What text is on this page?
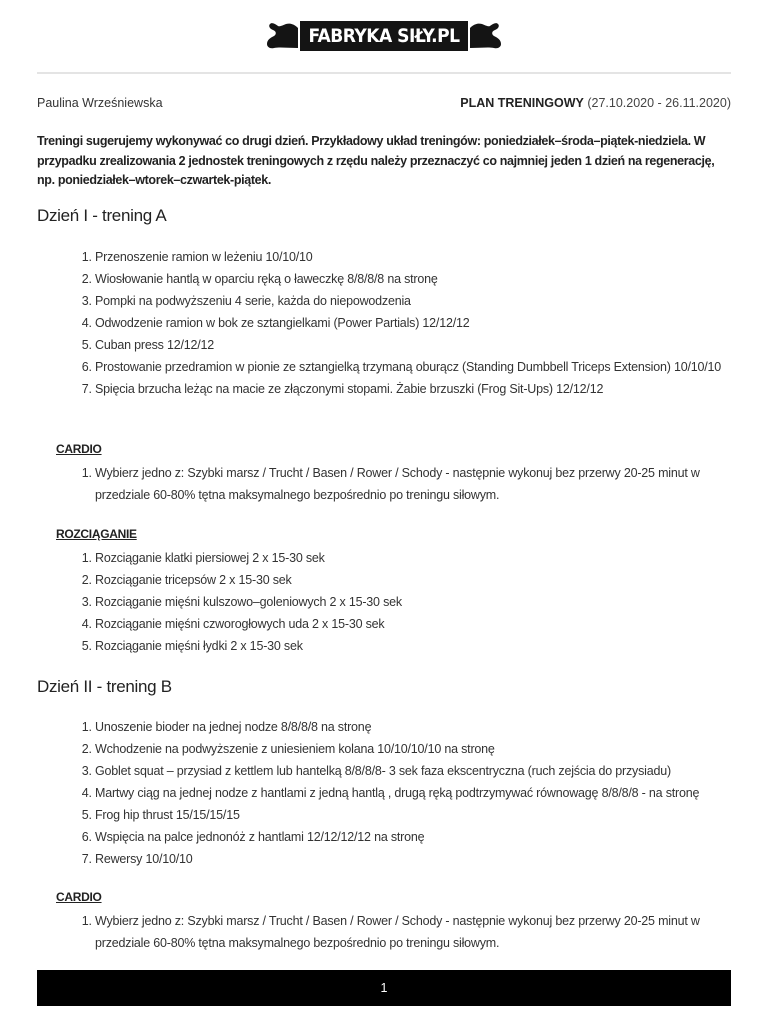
FABRYKA SIŁY.PL
Paulina Wrześniewska	PLAN TRENINGOWY (27.10.2020 - 26.11.2020)
Treningi sugerujemy wykonywać co drugi dzień. Przykładowy układ treningów: poniedziałek–środa–piątek-niedziela. W przypadku zrealizowania 2 jednostek treningowych z rzędu należy przeznaczyć co najmniej jeden 1 dzień na regenerację, np. poniedziałek–wtorek–czwartek-piątek.
Dzień I - trening A
1. Przenoszenie ramion w leżeniu 10/10/10
2. Wiosłowanie hantlą w oparciu ręką o ławeczkę 8/8/8/8 na stronę
3. Pompki na podwyższeniu 4 serie, każda do niepowodzenia
4. Odwodzenie ramion w bok ze sztangielkami (Power Partials) 12/12/12
5. Cuban press 12/12/12
6. Prostowanie przedramion w pionie ze sztangielką trzymaną oburącz (Standing Dumbbell Triceps Extension) 10/10/10
7. Spięcia brzucha leżąc na macie ze złączonymi stopami. Żabie brzuszki (Frog Sit-Ups) 12/12/12
CARDIO
1. Wybierz jedno z: Szybki marsz / Trucht / Basen / Rower / Schody - następnie wykonuj bez przerwy 20-25 minut w przedziale 60-80% tętna maksymalnego bezpośrednio po treningu siłowym.
ROZCIĄGANIE
1. Rozciąganie klatki piersiowej 2 x 15-30 sek
2. Rozciąganie tricepsów 2 x 15-30 sek
3. Rozciąganie mięśni kulszowo–goleniowych 2 x 15-30 sek
4. Rozciąganie mięśni czworogłowych uda 2 x 15-30 sek
5. Rozciąganie mięśni łydki 2 x 15-30 sek
Dzień II - trening B
1. Unoszenie bioder na jednej nodze 8/8/8/8 na stronę
2. Wchodzenie na podwyższenie z uniesieniem kolana 10/10/10/10 na stronę
3. Goblet squat – przysiad z kettlem lub hantelką 8/8/8/8- 3 sek faza ekscentryczna (ruch zejścia do przysiadu)
4. Martwy ciąg na jednej nodze z hantlami z jedną hantlą , drugą ręką podtrzymywać równowagę 8/8/8/8 - na stronę
5. Frog hip thrust 15/15/15/15
6. Wspięcia na palce jednonóż z hantlami 12/12/12/12 na stronę
7. Rewersy 10/10/10
CARDIO
1. Wybierz jedno z: Szybki marsz / Trucht / Basen / Rower / Schody - następnie wykonuj bez przerwy 20-25 minut w przedziale 60-80% tętna maksymalnego bezpośrednio po treningu siłowym.
1
